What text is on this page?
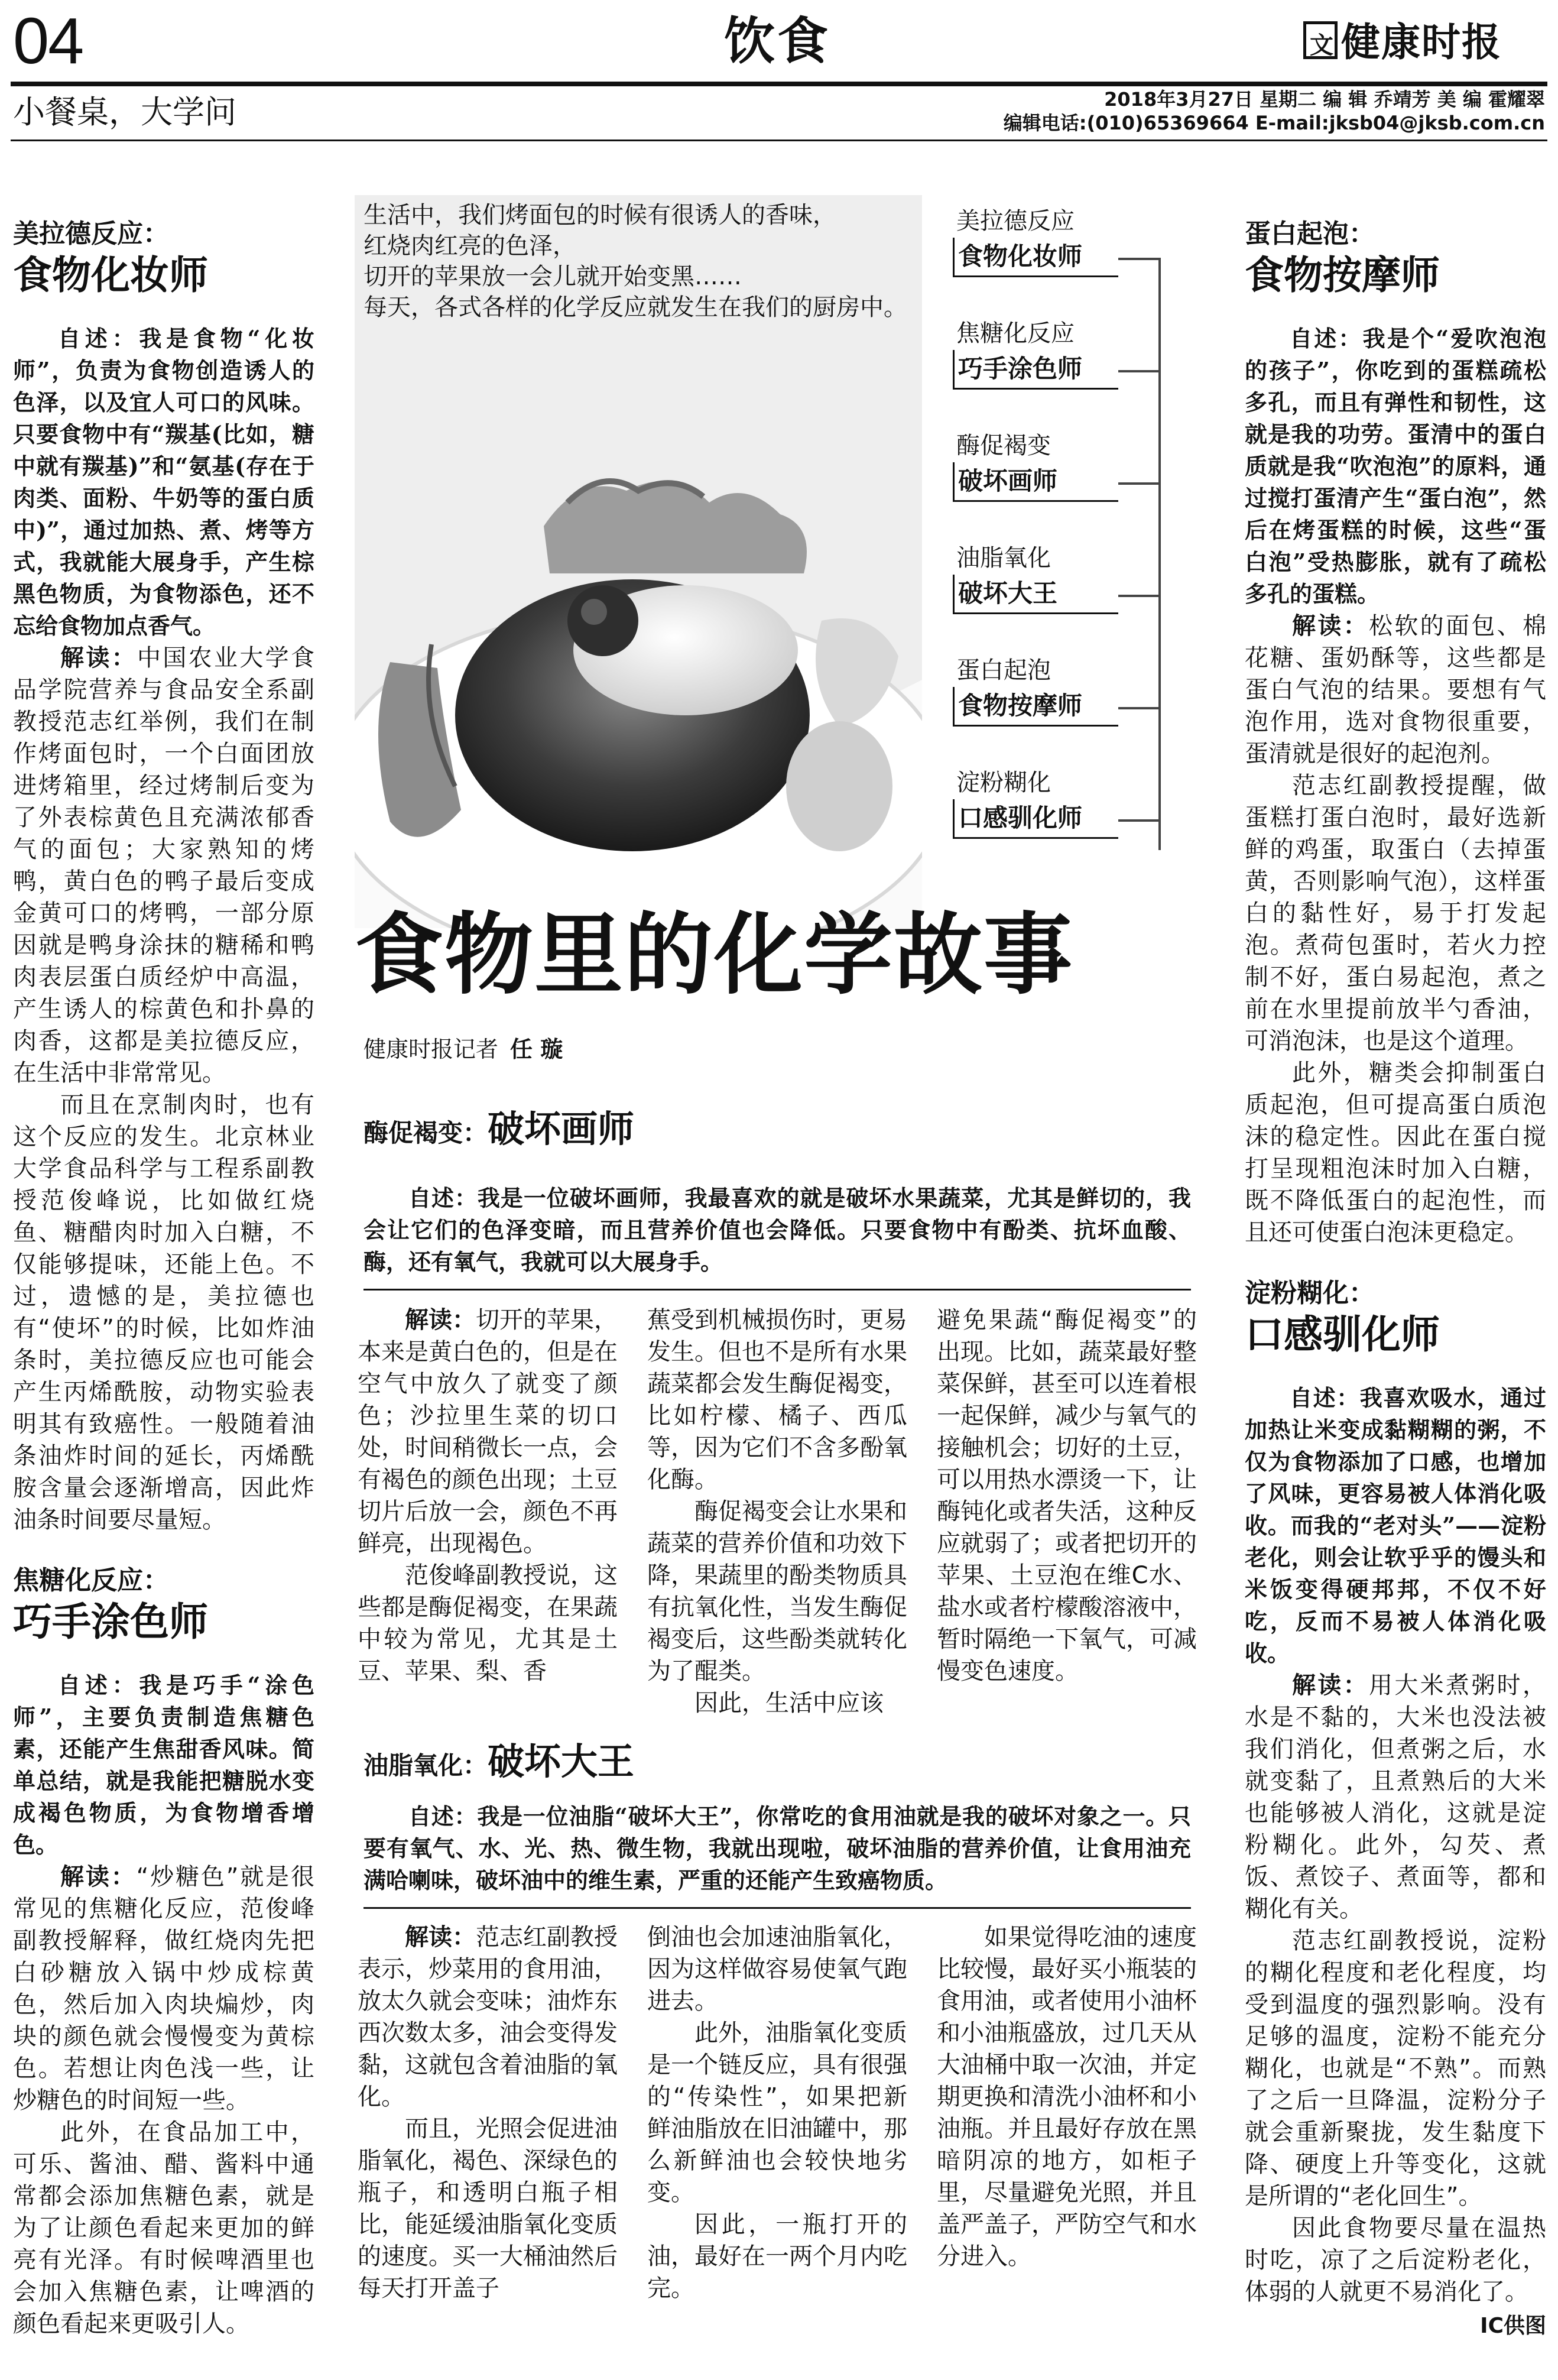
04	饮食	文 健康时报
小餐桌，大学问	2018年3月27日 星期二 编 辑 乔靖芳 美 编 霍耀翠
编辑电话:(010)65369664 E-mail:jksb04@jksb.com.cn
美拉德反应：
食物化妆师
自述：我是食物“化妆师”，负责为食物创造诱人的色泽，以及宜人可口的风味。只要食物中有“羰基(比如，糖中就有羰基)”和“氨基(存在于肉类、面粉、牛奶等的蛋白质中)”，通过加热、煮、烤等方式，我就能大展身手，产生棕黑色物质，为食物添色，还不忘给食物加点香气。

解读：中国农业大学食品学院营养与食品安全系副教授范志红举例，我们在制作烤面包时，一个白面团放进烤箱里，经过烤制后变为了外表棕黄色且充满浓郁香气的面包；大家熟知的烤鸭，黄白色的鸭子最后变成金黄可口的烤鸭，一部分原因就是鸭身涂抹的糖稀和鸭肉表层蛋白质经炉中高温，产生诱人的棕黄色和扑鼻的肉香，这都是美拉德反应，在生活中非常常见。

而且在烹制肉时，也有这个反应的发生。北京林业大学食品科学与工程系副教授范俊峰说，比如做红烧鱼、糖醋肉时加入白糖，不仅能够提味，还能上色。不过，遗憾的是，美拉德也有“使坏”的时候，比如炸油条时，美拉德反应也可能会产生丙烯酰胺，动物实验表明其有致癌性。一般随着油条油炸时间的延长，丙烯酰胺含量会逐渐增高，因此炸油条时间要尽量短。

焦糖化反应：
巧手涂色师
自述：我是巧手“涂色师”，主要负责制造焦糖色素，还能产生焦甜香风味。简单总结，就是我能把糖脱水变成褐色物质，为食物增香增色。

解读：“炒糖色”就是很常见的焦糖化反应，范俊峰副教授解释，做红烧肉先把白砂糖放入锅中炒成棕黄色，然后加入肉块煸炒，肉块的颜色就会慢慢变为黄棕色。若想让肉色浅一些，让炒糖色的时间短一些。

此外，在食品加工中，可乐、酱油、醋、酱料中通常都会添加焦糖色素，就是为了让颜色看起来更加的鲜亮有光泽。有时候啤酒里也会加入焦糖色素，让啤酒的颜色看起来更吸引人。

生活中，我们烤面包的时候有很诱人的香味，
红烧肉红亮的色泽，
切开的苹果放一会儿就开始变黑……
每天，各式各样的化学反应就发生在我们的厨房中。
美拉德反应
食物化妆师
焦糖化反应
巧手涂色师
酶促褐变
破坏画师
油脂氧化
破坏大王
蛋白起泡
食物按摩师
淀粉糊化
口感驯化师
食物里的化学故事
健康时报记者 任 璇
酶促褐变：破坏画师
自述：我是一位破坏画师，我最喜欢的就是破坏水果蔬菜，尤其是鲜切的，我会让它们的色泽变暗，而且营养价值也会降低。只要食物中有酚类、抗坏血酸、酶，还有氧气，我就可以大展身手。

解读：切开的苹果，本来是黄白色的，但是在空气中放久了就变了颜色；沙拉里生菜的切口处，时间稍微长一点，会有褐色的颜色出现；土豆切片后放一会，颜色不再鲜亮，出现褐色。

范俊峰副教授说，这些都是酶促褐变，在果蔬中较为常见，尤其是土豆、苹果、梨、香

蕉受到机械损伤时，更易发生。但也不是所有水果蔬菜都会发生酶促褐变，比如柠檬、橘子、西瓜等，因为它们不含多酚氧化酶。

酶促褐变会让水果和蔬菜的营养价值和功效下降，果蔬里的酚类物质具有抗氧化性，当发生酶促褐变后，这些酚类就转化为了醌类。

因此，生活中应该

避免果蔬“酶促褐变”的出现。比如，蔬菜最好整菜保鲜，甚至可以连着根一起保鲜，减少与氧气的接触机会；切好的土豆，可以用热水漂烫一下，让酶钝化或者失活，这种反应就弱了；或者把切开的苹果、土豆泡在维C水、盐水或者柠檬酸溶液中，暂时隔绝一下氧气，可减慢变色速度。

油脂氧化：破坏大王
自述：我是一位油脂“破坏大王”，你常吃的食用油就是我的破坏对象之一。只要有氧气、水、光、热、微生物，我就出现啦，破坏油脂的营养价值，让食用油充满哈喇味，破坏油中的维生素，严重的还能产生致癌物质。

解读：范志红副教授表示，炒菜用的食用油，放太久就会变味；油炸东西次数太多，油会变得发黏，这就包含着油脂的氧化。

而且，光照会促进油脂氧化，褐色、深绿色的瓶子，和透明白瓶子相比，能延缓油脂氧化变质的速度。买一大桶油然后每天打开盖子

倒油也会加速油脂氧化，因为这样做容易使氧气跑进去。

此外，油脂氧化变质是一个链反应，具有很强的“传染性”，如果把新鲜油脂放在旧油罐中，那么新鲜油也会较快地劣变。

因此，一瓶打开的油，最好在一两个月内吃完。

如果觉得吃油的速度比较慢，最好买小瓶装的食用油，或者使用小油杯和小油瓶盛放，过几天从大油桶中取一次油，并定期更换和清洗小油杯和小油瓶。并且最好存放在黑暗阴凉的地方，如柜子里，尽量避免光照，并且盖严盖子，严防空气和水分进入。

蛋白起泡：
食物按摩师
自述：我是个“爱吹泡泡的孩子”，你吃到的蛋糕疏松多孔，而且有弹性和韧性，这就是我的功劳。蛋清中的蛋白质就是我“吹泡泡”的原料，通过搅打蛋清产生“蛋白泡”，然后在烤蛋糕的时候，这些“蛋白泡”受热膨胀，就有了疏松多孔的蛋糕。

解读：松软的面包、棉花糖、蛋奶酥等，这些都是蛋白气泡的结果。要想有气泡作用，选对食物很重要，蛋清就是很好的起泡剂。

范志红副教授提醒，做蛋糕打蛋白泡时，最好选新鲜的鸡蛋，取蛋白（去掉蛋黄，否则影响气泡），这样蛋白的黏性好，易于打发起泡。煮荷包蛋时，若火力控制不好，蛋白易起泡，煮之前在水里提前放半勺香油，可消泡沫，也是这个道理。

此外，糖类会抑制蛋白质起泡，但可提高蛋白质泡沫的稳定性。因此在蛋白搅打呈现粗泡沫时加入白糖，既不降低蛋白的起泡性，而且还可使蛋白泡沫更稳定。

淀粉糊化：
口感驯化师
自述：我喜欢吸水，通过加热让米变成黏糊糊的粥，不仅为食物添加了口感，也增加了风味，更容易被人体消化吸收。而我的“老对头”——淀粉老化，则会让软乎乎的馒头和米饭变得硬邦邦，不仅不好吃，反而不易被人体消化吸收。

解读：用大米煮粥时，水是不黏的，大米也没法被我们消化，但煮粥之后，水就变黏了，且煮熟后的大米也能够被人消化，这就是淀粉糊化。此外，勾芡、煮饭、煮饺子、煮面等，都和糊化有关。

范志红副教授说，淀粉的糊化程度和老化程度，均受到温度的强烈影响。没有足够的温度，淀粉不能充分糊化，也就是“不熟”。而熟了之后一旦降温，淀粉分子就会重新聚拢，发生黏度下降、硬度上升等变化，这就是所谓的“老化回生”。

因此食物要尽量在温热时吃，凉了之后淀粉老化，体弱的人就更不易消化了。

IC供图
